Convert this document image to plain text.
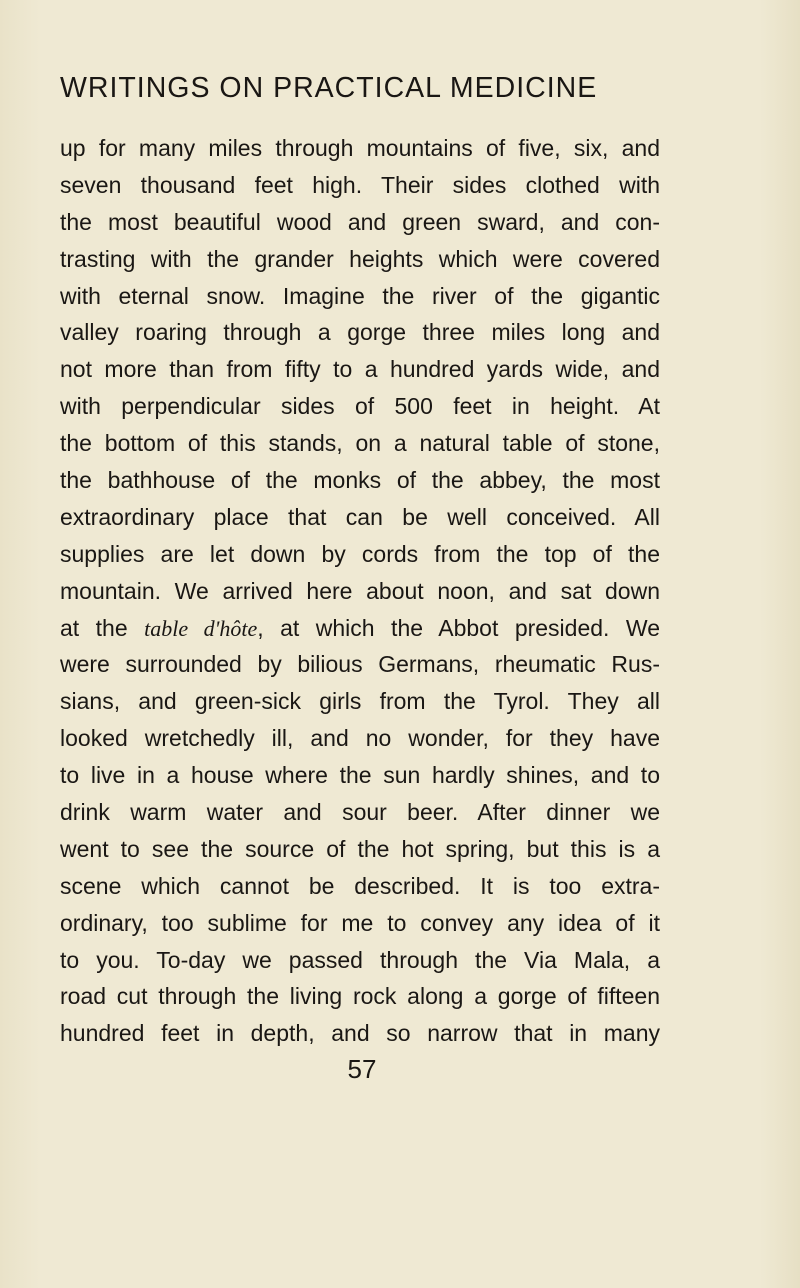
WRITINGS ON PRACTICAL MEDICINE
up for many miles through mountains of five, six, and
seven thousand feet high. Their sides clothed with
the most beautiful wood and green sward, and con-
trasting with the grander heights which were covered
with eternal snow. Imagine the river of the gigantic
valley roaring through a gorge three miles long and
not more than from fifty to a hundred yards wide, and
with perpendicular sides of 500 feet in height. At
the bottom of this stands, on a natural table of stone,
the bathhouse of the monks of the abbey, the most
extraordinary place that can be well conceived. All
supplies are let down by cords from the top of the
mountain. We arrived here about noon, and sat down
at the table d'hôte, at which the Abbot presided. We
were surrounded by bilious Germans, rheumatic Rus-
sians, and green-sick girls from the Tyrol. They all
looked wretchedly ill, and no wonder, for they have
to live in a house where the sun hardly shines, and to
drink warm water and sour beer. After dinner we
went to see the source of the hot spring, but this is a
scene which cannot be described. It is too extra-
ordinary, too sublime for me to convey any idea of it
to you. To-day we passed through the Via Mala, a
road cut through the living rock along a gorge of fifteen
hundred feet in depth, and so narrow that in many
57
